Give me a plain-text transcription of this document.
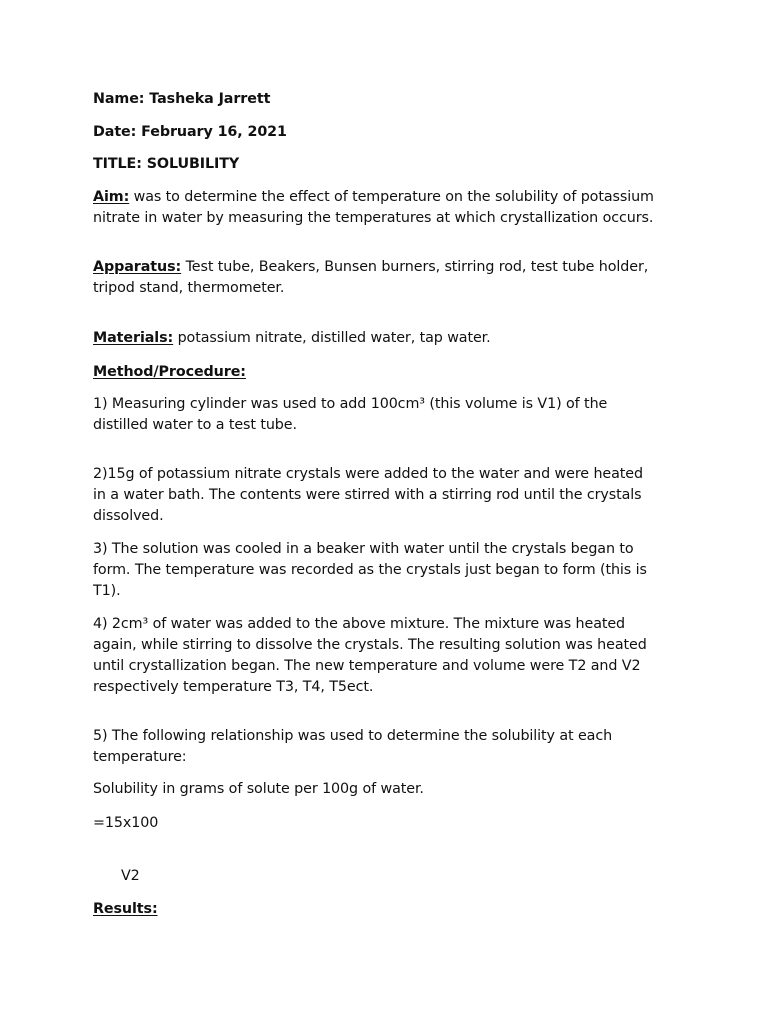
Name: Tasheka Jarrett
Date: February 16, 2021
TITLE: SOLUBILITY
Aim: was to determine the effect of temperature on the solubility of potassium
nitrate in water by measuring the temperatures at which crystallization occurs.
Apparatus: Test tube, Beakers, Bunsen burners, stirring rod, test tube holder,
tripod stand, thermometer.
Materials: potassium nitrate, distilled water, tap water.
Method/Procedure:
1) Measuring cylinder was used to add 100cm³ (this volume is V1) of the
distilled water to a test tube.
2)15g of potassium nitrate crystals were added to the water and were heated
in a water bath. The contents were stirred with a stirring rod until the crystals
dissolved.
3) The solution was cooled in a beaker with water until the crystals began to
form. The temperature was recorded as the crystals just began to form (this is
T1).
4) 2cm³ of water was added to the above mixture. The mixture was heated
again, while stirring to dissolve the crystals. The resulting solution was heated
until crystallization began. The new temperature and volume were T2 and V2
respectively temperature T3, T4, T5ect.
5) The following relationship was used to determine the solubility at each
temperature:
Solubility in grams of solute per 100g of water.
=15x100
V2
Results:
